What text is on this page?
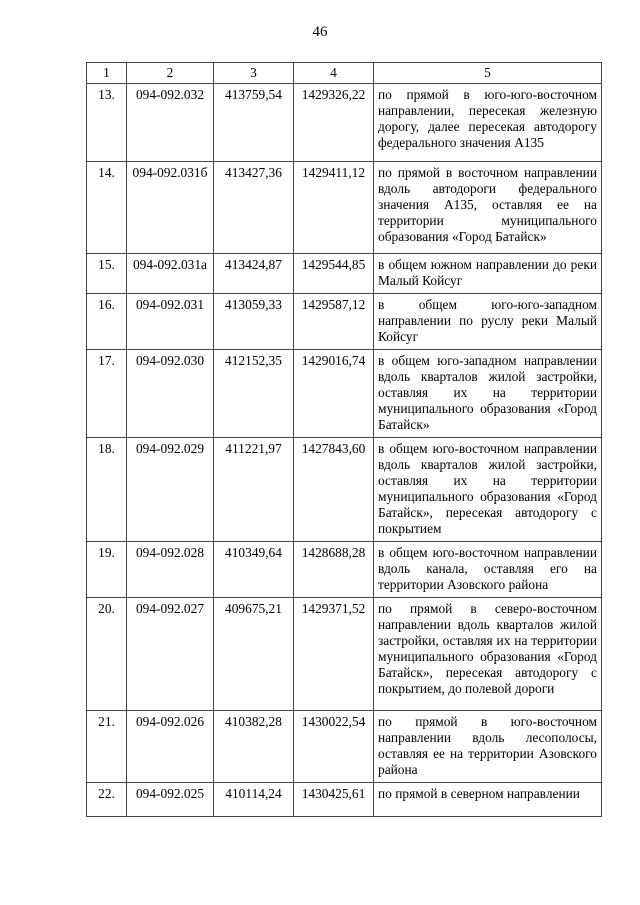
46
1	2	3	4	5
13.	094-092.032	413759,54	1429326,22	по прямой в юго-юго-восточном направлении, пересекая железную дорогу, далее пересекая автодорогу федерального значения А135
14.	094-092.031б	413427,36	1429411,12	по прямой в восточном направлении вдоль автодороги федерального значения А135, оставляя ее на территории муниципального образования «Город Батайск»
15.	094-092.031а	413424,87	1429544,85	в общем южном направлении до реки Малый Койсуг
16.	094-092.031	413059,33	1429587,12	в общем юго-юго-западном направлении по руслу реки Малый Койсуг
17.	094-092.030	412152,35	1429016,74	в общем юго-западном направлении вдоль кварталов жилой застройки, оставляя их на территории муниципального образования «Город Батайск»
18.	094-092.029	411221,97	1427843,60	в общем юго-восточном направлении вдоль кварталов жилой застройки, оставляя их на территории муниципального образования «Город Батайск», пересекая автодорогу с покрытием
19.	094-092.028	410349,64	1428688,28	в общем юго-восточном направлении вдоль канала, оставляя его на территории Азовского района
20.	094-092.027	409675,21	1429371,52	по прямой в северо-восточном направлении вдоль кварталов жилой застройки, оставляя их на территории муниципального образования «Город Батайск», пересекая автодорогу с покрытием, до полевой дороги
21.	094-092.026	410382,28	1430022,54	по прямой в юго-восточном направлении вдоль лесополосы, оставляя ее на территории Азовского района
22.	094-092.025	410114,24	1430425,61	по прямой в северном направлении
